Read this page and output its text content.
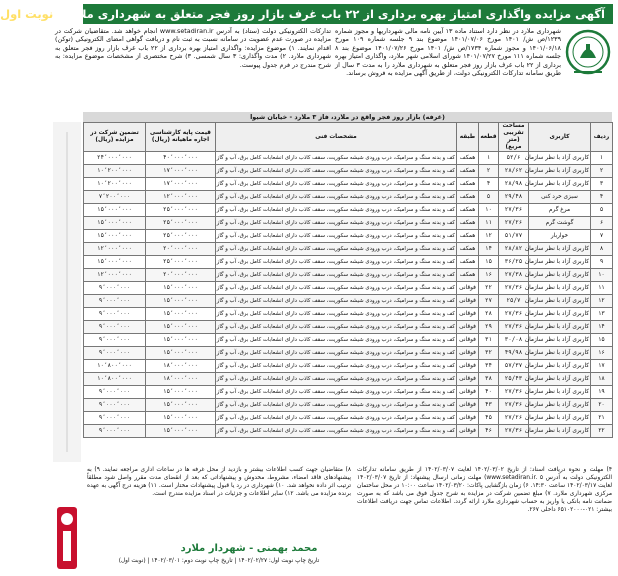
آگهی مزایده واگذاری امتیاز بهره برداری از ۲۲ باب غرف بازار روز فجر متعلق به شهرداری ملارد | نوبت اول
شهرداری ملارد در نظر دارد استناد ماده ۱۳ آیین نامه مالی شهرداریها و مجوز شماره ۱۲۳۹/ص ش/ ۱۴۰۱ مورخ ۱۴۰۱/۰۷/۰۶ موضوع بند ۹ جلسه شماره ۱۰۹ مورخ ۱۴۰۱/۰۶/۱۸ و مجوز شماره ۱۷۳۴/ص ش/ ۱۴۰۱ مورخ ۱۴۰۱/۰۷/۲۶ موضوع بند ۸ جلسه شماره ۱۱۱ مورخ ۱۴۰۱/۰۷/۲۷ شورای اسلامی شهر ملارد، واگذاری امتیاز بهره برداری از ۲۲ باب غرف بازار روز فجر متعلق به شهرداری ملارد را به مدت ۳ سال از طریق سامانه تدارکات الکترونیکی دولت، از طریق آگهی مزایده به فروش برساند.
تدارکات الکترونیکی دولت (ستاد) به آدرس www.setadiran.ir انجام خواهد شد. متقاضیان شرکت در مزایده در صورت عدم عضویت در سامانه نسبت به ثبت نام و دریافت گواهی امضای الکترونیکی (توکن) اقدام نمایند. ۱) موضوع مزایده: واگذاری امتیاز بهره برداری از ۲۲ باب غرف بازار روز فجر متعلق به شهرداری ملارد. ۲) مدت واگذاری: ۳ سال شمسی. ۳) شرح مختصری از مشخصات موضوع مزایده: به شرح مندرج در فرم جدول پیوست.
(غرفه) بازار روز فجر واقع در ملارد، فاز ۳ ملارد - خیابان شیوا
ردیف	کاربری	مساحت تقریبی (متر مربع)	قطعه	طبقه	مشخصات فنی	قیمت پایه کارشناسی اجاره ماهیانه (ریال)	تضمین شرکت در مزایده (ریال)
۱	کاربری آزاد با نظر سازمان	۵۲/۶	۱	همکف	کف و بدنه سنگ و سرامیک، درب ورودی شیشه سکوریت، سقف کاذب دارای انشعابات کامل برق، آب و گاز	۴۰٬۰۰۰٬۰۰۰	۲۴٬۰۰۰٬۰۰۰
۲	کاربری آزاد با نظر سازمان	۲۸/۶۲	۲	همکف	کف و بدنه سنگ و سرامیک، درب ورودی شیشه سکوریت، سقف کاذب دارای انشعابات کامل برق، آب و گاز	۱۷٬۰۰۰٬۰۰۰	۱۰٬۲۰۰٬۰۰۰
۳	کاربری آزاد با نظر سازمان	۲۸/۹۸	۴	همکف	کف و بدنه سنگ و سرامیک، درب ورودی شیشه سکوریت، سقف کاذب دارای انشعابات کامل برق، آب و گاز	۱۷٬۰۰۰٬۰۰۰	۱۰٬۲۰۰٬۰۰۰
۴	سبزی خرد کنی	۲۹/۴۸	۵	همکف	کف و بدنه سنگ و سرامیک، درب ورودی شیشه سکوریت، سقف کاذب دارای انشعابات کامل برق، آب و گاز	۱۲٬۰۰۰٬۰۰۰	۷٬۲۰۰٬۰۰۰
۵	مرغ گرم	۲۷/۳۶	۱۰	همکف	کف و بدنه سنگ و سرامیک، درب ورودی شیشه سکوریت، سقف کاذب دارای انشعابات کامل برق، آب و گاز	۲۵٬۰۰۰٬۰۰۰	۱۵٬۰۰۰٬۰۰۰
۶	گوشت گرم	۲۷/۲۶	۱۱	همکف	کف و بدنه سنگ و سرامیک، درب ورودی شیشه سکوریت، سقف کاذب دارای انشعابات کامل برق، آب و گاز	۲۵٬۰۰۰٬۰۰۰	۱۵٬۰۰۰٬۰۰۰
۷	خواربار	۵۱/۷۷	۱۲	همکف	کف و بدنه سنگ و سرامیک، درب ورودی شیشه سکوریت، سقف کاذب دارای انشعابات کامل برق، آب و گاز	۲۵٬۰۰۰٬۰۰۰	۱۵٬۰۰۰٬۰۰۰
۸	کاربری آزاد با نظر سازمان	۲۸/۸۲	۱۴	همکف	کف و بدنه سنگ و سرامیک، درب ورودی شیشه سکوریت، سقف کاذب دارای انشعابات کامل برق، آب و گاز	۲۰٬۰۰۰٬۰۰۰	۱۲٬۰۰۰٬۰۰۰
۹	کاربری آزاد با نظر سازمان	۳۶/۲۵	۱۵	همکف	کف و بدنه سنگ و سرامیک، درب ورودی شیشه سکوریت، سقف کاذب دارای انشعابات کامل برق، آب و گاز	۲۵٬۰۰۰٬۰۰۰	۱۵٬۰۰۰٬۰۰۰
۱۰	کاربری آزاد با نظر سازمان	۲۷/۳۸	۱۶	همکف	کف و بدنه سنگ و سرامیک، درب ورودی شیشه سکوریت، سقف کاذب دارای انشعابات کامل برق، آب و گاز	۲۰٬۰۰۰٬۰۰۰	۱۲٬۰۰۰٬۰۰۰
۱۱	کاربری آزاد با نظر سازمان	۲۷/۳۶	۲۲	فوقانی	کف و بدنه سنگ و سرامیک، درب ورودی شیشه سکوریت، سقف کاذب دارای انشعابات کامل برق، آب و گاز	۱۵٬۰۰۰٬۰۰۰	۹٬۰۰۰٬۰۰۰
۱۲	کاربری آزاد با نظر سازمان	۲۵/۷	۲۷	فوقانی	کف و بدنه سنگ و سرامیک، درب ورودی شیشه سکوریت، سقف کاذب دارای انشعابات کامل برق، آب و گاز	۱۵٬۰۰۰٬۰۰۰	۹٬۰۰۰٬۰۰۰
۱۳	کاربری آزاد با نظر سازمان	۲۷/۳۶	۲۸	فوقانی	کف و بدنه سنگ و سرامیک، درب ورودی شیشه سکوریت، سقف کاذب دارای انشعابات کامل برق، آب و گاز	۱۵٬۰۰۰٬۰۰۰	۹٬۰۰۰٬۰۰۰
۱۴	کاربری آزاد با نظر سازمان	۲۷/۳۶	۲۹	فوقانی	کف و بدنه سنگ و سرامیک، درب ورودی شیشه سکوریت، سقف کاذب دارای انشعابات کامل برق، آب و گاز	۱۵٬۰۰۰٬۰۰۰	۹٬۰۰۰٬۰۰۰
۱۵	کاربری آزاد با نظر سازمان	۳۰/۰۸	۳۱	فوقانی	کف و بدنه سنگ و سرامیک، درب ورودی شیشه سکوریت، سقف کاذب دارای انشعابات کامل برق، آب و گاز	۱۵٬۰۰۰٬۰۰۰	۹٬۰۰۰٬۰۰۰
۱۶	کاربری آزاد با نظر سازمان	۴۹/۹۸	۳۲	فوقانی	کف و بدنه سنگ و سرامیک، درب ورودی شیشه سکوریت، سقف کاذب دارای انشعابات کامل برق، آب و گاز	۱۵٬۰۰۰٬۰۰۰	۹٬۰۰۰٬۰۰۰
۱۷	کاربری آزاد با نظر سازمان	۵۷/۳۷	۳۴	فوقانی	کف و بدنه سنگ و سرامیک، درب ورودی شیشه سکوریت، سقف کاذب دارای انشعابات کامل برق، آب و گاز	۱۸٬۰۰۰٬۰۰۰	۱۰٬۸۰۰٬۰۰۰
۱۸	کاربری آزاد با نظر سازمان	۲۵/۴۳	۳۸	فوقانی	کف و بدنه سنگ و سرامیک، درب ورودی شیشه سکوریت، سقف کاذب دارای انشعابات کامل برق، آب و گاز	۱۸٬۰۰۰٬۰۰۰	۱۰٬۸۰۰٬۰۰۰
۱۹	کاربری آزاد با نظر سازمان	۲۷/۳۶	۴۰	فوقانی	کف و بدنه سنگ و سرامیک، درب ورودی شیشه سکوریت، سقف کاذب دارای انشعابات کامل برق، آب و گاز	۱۵٬۰۰۰٬۰۰۰	۹٬۰۰۰٬۰۰۰
۲۰	کاربری آزاد با نظر سازمان	۲۷/۳۶	۴۳	فوقانی	کف و بدنه سنگ و سرامیک، درب ورودی شیشه سکوریت، سقف کاذب دارای انشعابات کامل برق، آب و گاز	۱۵٬۰۰۰٬۰۰۰	۹٬۰۰۰٬۰۰۰
۲۱	کاربری آزاد با نظر سازمان	۲۷/۲۶	۴۵	فوقانی	کف و بدنه سنگ و سرامیک، درب ورودی شیشه سکوریت، سقف کاذب دارای انشعابات کامل برق، آب و گاز	۱۵٬۰۰۰٬۰۰۰	۹٬۰۰۰٬۰۰۰
۲۲	کاربری آزاد با نظر سازمان	۲۷/۳۶	۴۶	فوقانی	کف و بدنه سنگ و سرامیک، درب ورودی شیشه سکوریت، سقف کاذب دارای انشعابات کامل برق، آب و گاز	۱۵٬۰۰۰٬۰۰۰	۹٬۰۰۰٬۰۰۰
۴) مهلت و نحوه دریافت اسناد: از تاریخ ۱۴۰۲/۰۳/۰۲ لغایت ۱۴۰۲/۰۳/۰۷ از طریق سامانه تدارکات الکترونیکی دولت به آدرس www.setadiran.ir. ۵) مهلت زمانی ارسال پیشنهاد: از تاریخ ۱۴۰۲/۰۳/۰۷ لغایت ۱۴۰۲/۰۳/۱۷ ساعت ۱۴:۳۰. ۶) زمان بازگشایی پاکات: ۱۴۰۲/۰۳/۲۰ ساعت ۱۰:۰۰ در محل ساختمان مرکزی شهرداری ملارد. ۷) مبلغ تضمین شرکت در مزایده به شرح جدول فوق می باشد که به صورت ضمانت نامه بانکی یا واریز به حساب شهرداری ملارد ارائه گردد. اطلاعات تماس جهت دریافت اطلاعات بیشتر: ۰۲۱-۶۵۱۰۲۰۰۰ داخلی ۲۶۷.
۸) متقاضیان جهت کسب اطلاعات بیشتر و بازدید از محل غرفه ها در ساعات اداری مراجعه نمایند. ۹) به پیشنهادهای فاقد امضاء، مشروط، مخدوش و پیشنهاداتی که بعد از انقضای مدت مقرر واصل شود مطلقاً ترتیب اثر داده نخواهد شد. ۱۰) شهرداری در رد یا قبول پیشنهادات مختار است. ۱۱) هزینه درج آگهی به عهده برنده مزایده می باشد. ۱۲) سایر اطلاعات و جزئیات در اسناد مزایده مندرج است.
محمد بهمنی - شهردار ملارد
تاریخ چاپ نوبت اول: ۱۴۰۲/۰۲/۲۷ | تاریخ چاپ نوبت دوم: ۱۴۰۲/۰۳/۰۱ | (نوبت اول)
